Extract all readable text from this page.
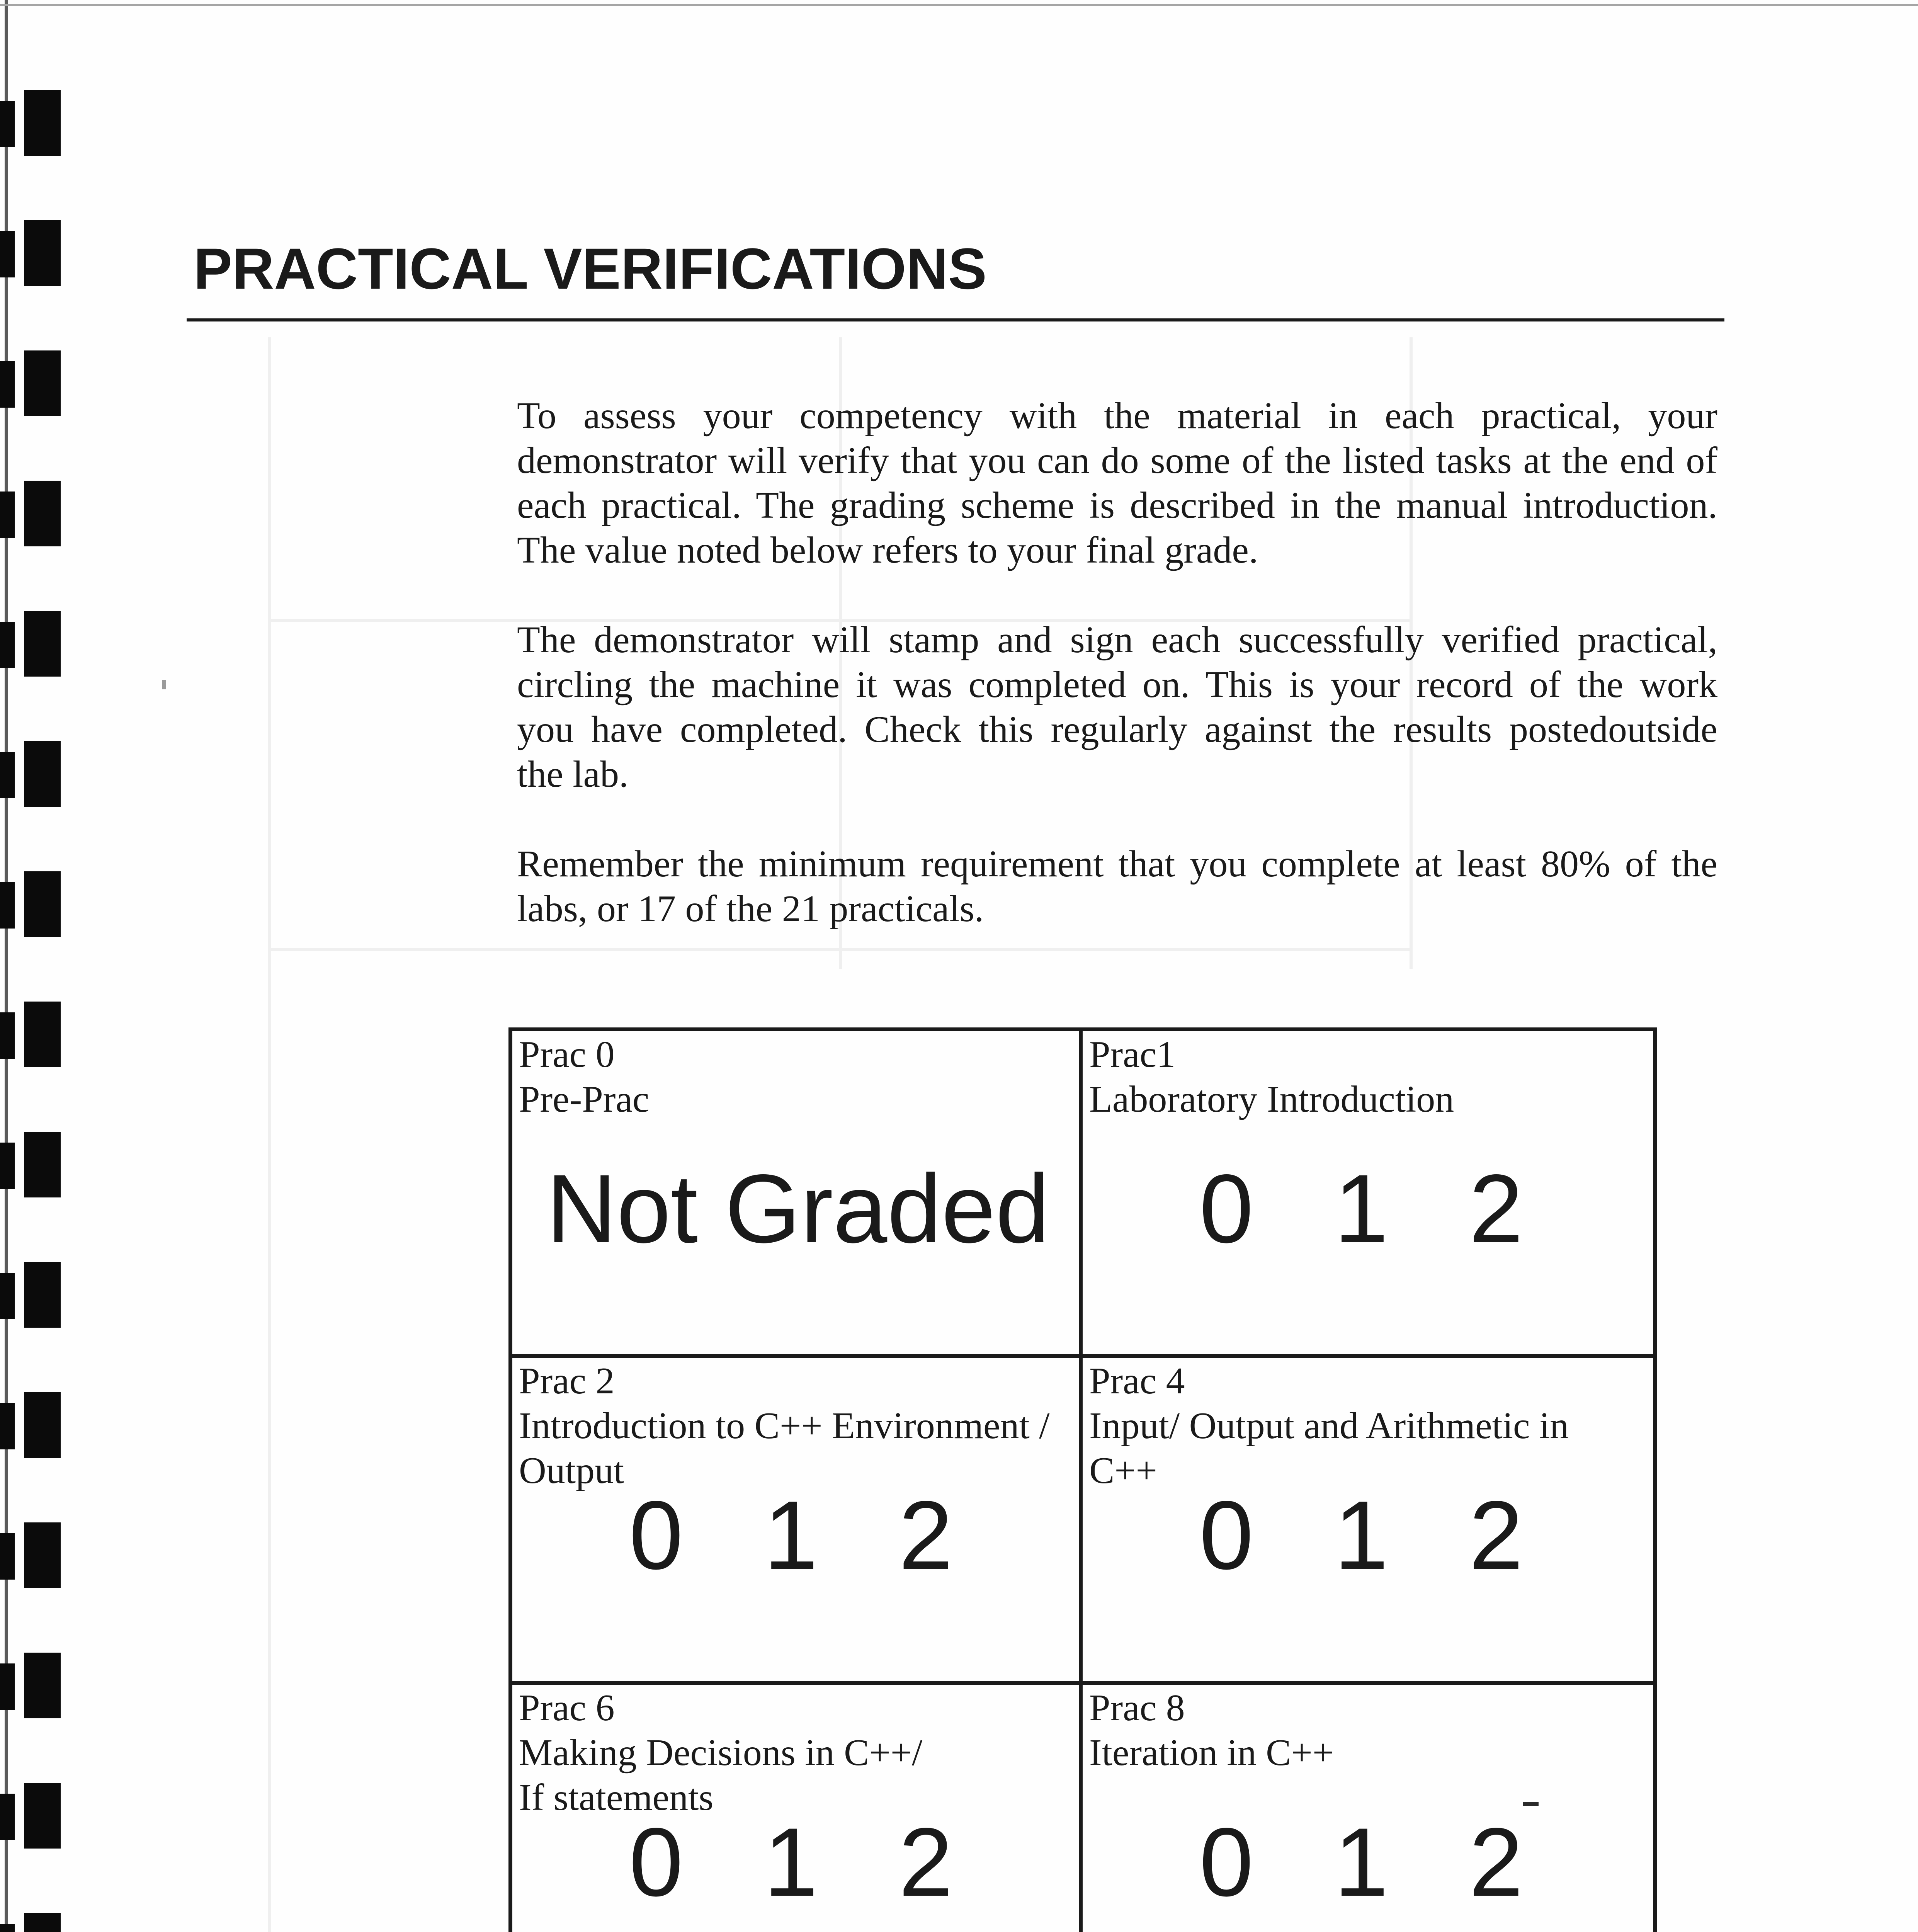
PRACTICAL VERIFICATIONS
To assess your competency with the material in each practical, your
demonstrator will verify that you can do some of the listed tasks at the end of
each practical. The grading scheme is described in the manual introduction.
The value noted below refers to your final grade.
The demonstrator will stamp and sign each successfully verified practical,
circling the machine it was completed on. This is your record of the work
you have completed. Check this regularly against the results postedoutside
the lab.
Remember the minimum requirement that you complete at least 80% of the
labs, or 17 of the 21 practicals.
Prac 0
Pre-Prac
Not Graded
Prac1
Laboratory Introduction
0 1 2
Prac 2
Introduction to C++ Environment /
Output
0 1 2
Prac 4
Input/ Output and Arithmetic in
C++
0 1 2
Prac 6
Making Decisions in C++/
If statements
0 1 2
Prac 8
Iteration in C++
0 1 2
